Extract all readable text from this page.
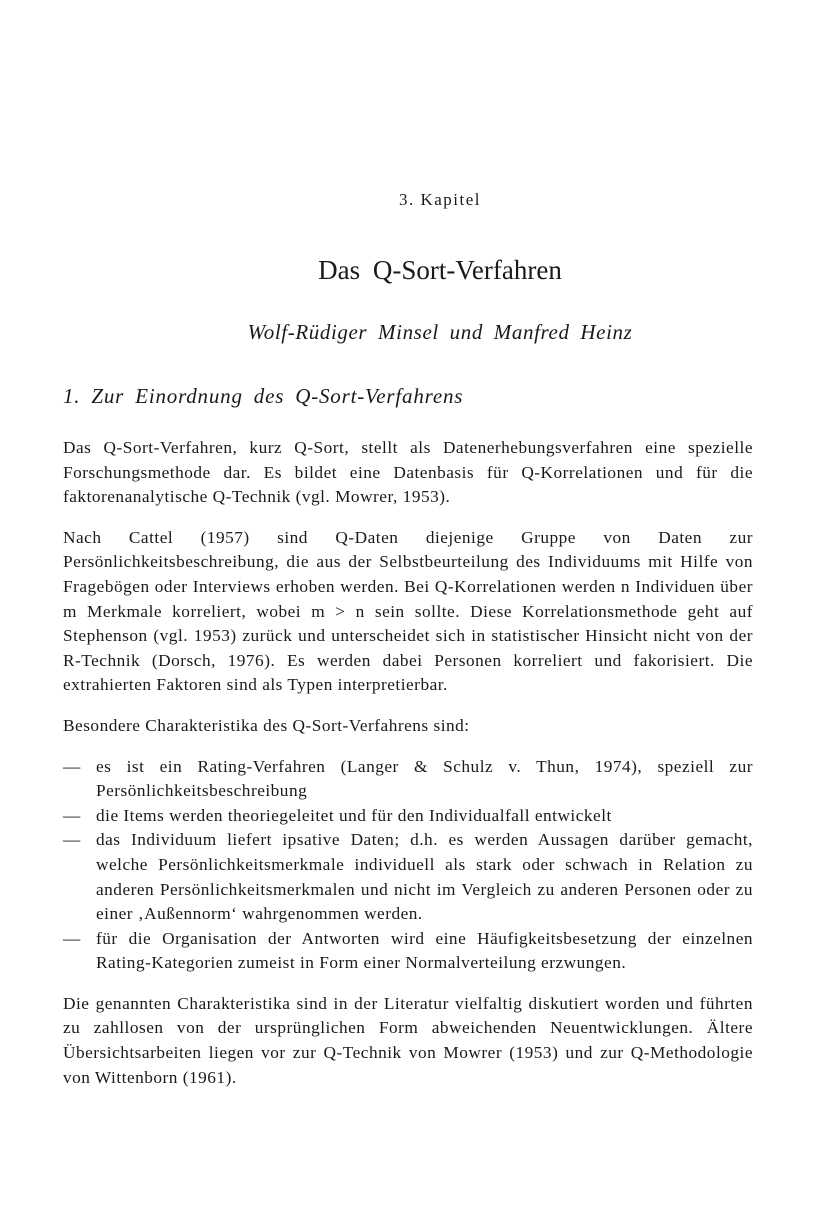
3. Kapitel
Das Q-Sort-Verfahren
Wolf-Rüdiger Minsel und Manfred Heinz
1. Zur Einordnung des Q-Sort-Verfahrens

Das Q-Sort-Verfahren, kurz Q-Sort, stellt als Datenerhebungsverfahren eine spezielle Forschungsmethode dar. Es bildet eine Datenbasis für Q-Korrelationen und für die faktorenanalytische Q-Technik (vgl. Mowrer, 1953).

Nach Cattel (1957) sind Q-Daten diejenige Gruppe von Daten zur Persönlichkeitsbeschreibung, die aus der Selbstbeurteilung des Individuums mit Hilfe von Fragebögen oder Interviews erhoben werden. Bei Q-Korrelationen werden n Individuen über m Merkmale korreliert, wobei m > n sein sollte. Diese Korrelationsmethode geht auf Stephenson (vgl. 1953) zurück und unterscheidet sich in statistischer Hinsicht nicht von der R-Technik (Dorsch, 1976). Es werden dabei Personen korreliert und fakorisiert. Die extrahierten Faktoren sind als Typen interpretierbar.

Besondere Charakteristika des Q-Sort-Verfahrens sind:

— es ist ein Rating-Verfahren (Langer & Schulz v. Thun, 1974), speziell zur Persönlichkeitsbeschreibung
— die Items werden theoriegeleitet und für den Individualfall entwickelt
— das Individuum liefert ipsative Daten; d.h. es werden Aussagen darüber gemacht, welche Persönlichkeitsmerkmale individuell als stark oder schwach in Relation zu anderen Persönlichkeitsmerkmalen und nicht im Vergleich zu anderen Personen oder zu einer ‚Außennorm‘ wahrgenommen werden.
— für die Organisation der Antworten wird eine Häufigkeitsbesetzung der einzelnen Rating-Kategorien zumeist in Form einer Normalverteilung erzwungen.

Die genannten Charakteristika sind in der Literatur vielfaltig diskutiert worden und führten zu zahllosen von der ursprünglichen Form abweichenden Neuentwicklungen. Ältere Übersichtsarbeiten liegen vor zur Q-Technik von Mowrer (1953) und zur Q-Methodologie von Wittenborn (1961).
